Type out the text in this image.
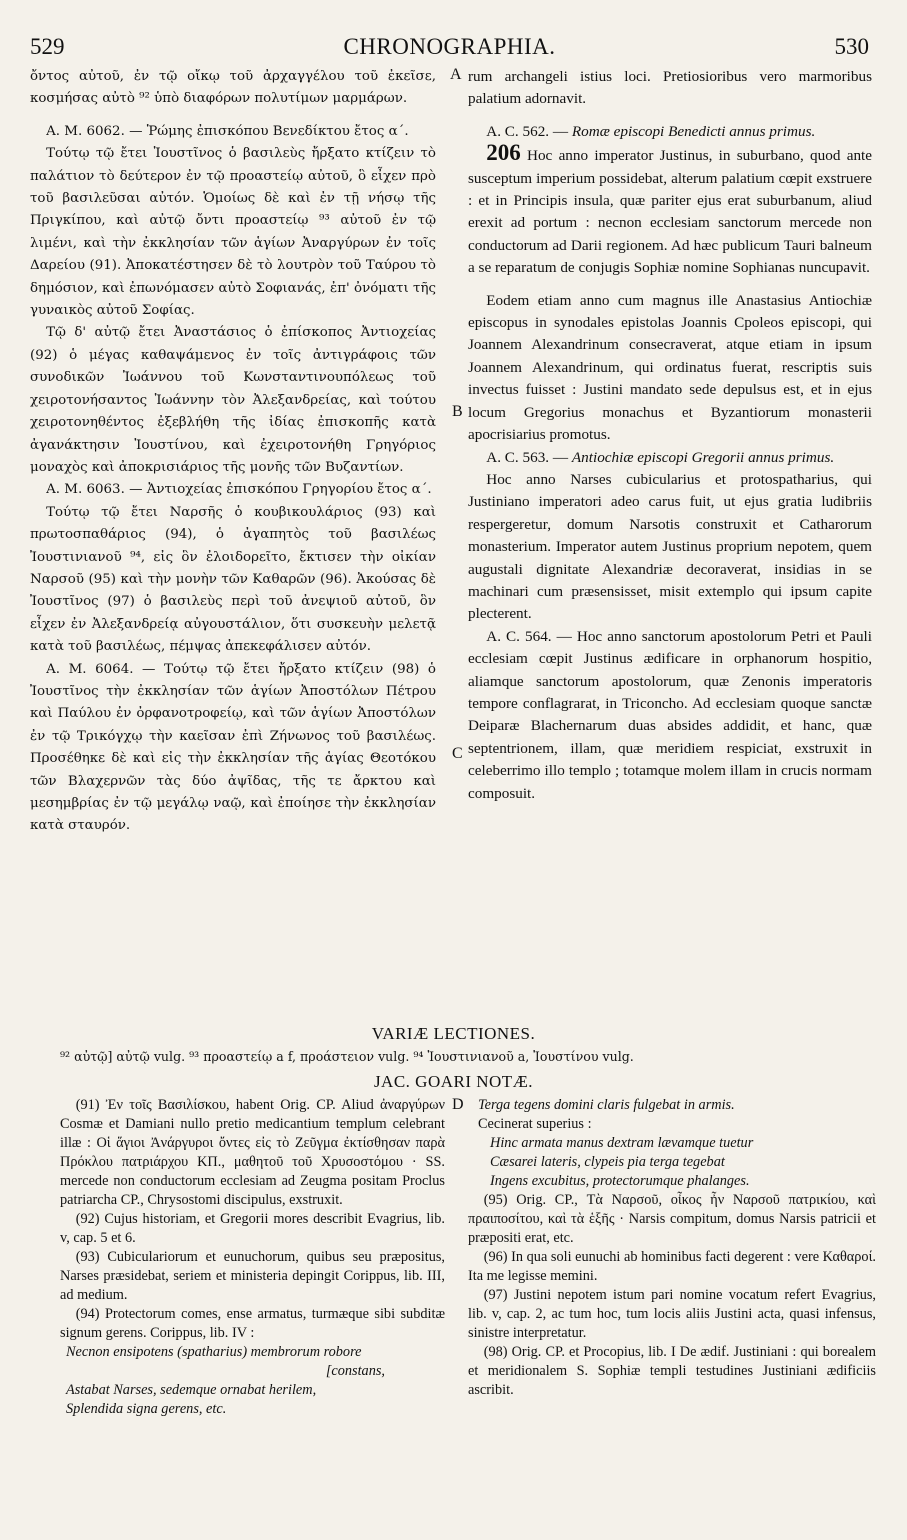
529	CHRONOGRAPHIA.	530
A
B
C
D

ὄντος αὐτοῦ, ἐν τῷ οἴκῳ τοῦ ἀρχαγγέλου τοῦ ἐκεῖσε, κοσμήσας αὐτὸ ⁹² ὑπὸ διαφόρων πολυτίμων μαρμάρων.

Α. Μ. 6062. — Ῥώμης ἐπισκόπου Βενεδίκτου ἔτος α΄.

Τούτῳ τῷ ἔτει Ἰουστῖνος ὁ βασιλεὺς ἤρξατο κτίζειν τὸ παλάτιον τὸ δεύτερον ἐν τῷ προαστείῳ αὐτοῦ, ὃ εἶχεν πρὸ τοῦ βασιλεῦσαι αὐτόν. Ὁμοίως δὲ καὶ ἐν τῇ νήσῳ τῆς Πριγκίπου, καὶ αὐτῷ ὄντι προαστείῳ ⁹³ αὐτοῦ ἐν τῷ λιμένι, καὶ τὴν ἐκκλησίαν τῶν ἁγίων Ἀναργύρων ἐν τοῖς Δαρείου (91). Ἀποκατέστησεν δὲ τὸ λουτρὸν τοῦ Ταύρου τὸ δημόσιον, καὶ ἐπωνόμασεν αὐτὸ Σοφιανάς, ἐπ' ὀνόματι τῆς γυναικὸς αὐτοῦ Σοφίας.

Τῷ δ' αὐτῷ ἔτει Ἀναστάσιος ὁ ἐπίσκοπος Ἀντιοχείας (92) ὁ μέγας καθαψάμενος ἐν τοῖς ἀντιγράφοις τῶν συνοδικῶν Ἰωάννου τοῦ Κωνσταντινουπόλεως τοῦ χειροτονήσαντος Ἰωάννην τὸν Ἀλεξανδρείας, καὶ τούτου χειροτονηθέντος ἐξεβλήθη τῆς ἰδίας ἐπισκοπῆς κατὰ ἀγανάκτησιν Ἰουστίνου, καὶ ἐχειροτονήθη Γρηγόριος μοναχὸς καὶ ἀποκρισιάριος τῆς μονῆς τῶν Βυζαντίων.

Α. Μ. 6063. — Ἀντιοχείας ἐπισκόπου Γρηγορίου ἔτος α΄.

Τούτῳ τῷ ἔτει Ναρσῆς ὁ κουβικουλάριος (93) καὶ πρωτοσπαθάριος (94), ὁ ἀγαπητὸς τοῦ βασιλέως Ἰουστινιανοῦ ⁹⁴, εἰς ὃν ἐλοιδορεῖτο, ἔκτισεν τὴν οἰκίαν Ναρσοῦ (95) καὶ τὴν μονὴν τῶν Καθαρῶν (96). Ἀκούσας δὲ Ἰουστῖνος (97) ὁ βασιλεὺς περὶ τοῦ ἀνεψιοῦ αὐτοῦ, ὃν εἶχεν ἐν Ἀλεξανδρείᾳ αὐγουστάλιον, ὅτι συσκευὴν μελετᾷ κατὰ τοῦ βασιλέως, πέμψας ἀπεκεφάλισεν αὐτόν.

Α. Μ. 6064. — Τούτῳ τῷ ἔτει ἤρξατο κτίζειν (98) ὁ Ἰουστῖνος τὴν ἐκκλησίαν τῶν ἁγίων Ἀποστόλων Πέτρου καὶ Παύλου ἐν ὀρφανοτροφείῳ, καὶ τῶν ἁγίων Ἀποστόλων ἐν τῷ Τρικόγχῳ τὴν καεῖσαν ἐπὶ Ζήνωνος τοῦ βασιλέως. Προσέθηκε δὲ καὶ εἰς τὴν ἐκκλησίαν τῆς ἁγίας Θεοτόκου τῶν Βλαχερνῶν τὰς δύο ἀψῖδας, τῆς τε ἄρκτου καὶ μεσημβρίας ἐν τῷ μεγάλῳ ναῷ, καὶ ἐποίησε τὴν ἐκκλησίαν κατὰ σταυρόν.

rum archangeli istius loci. Pretiosioribus vero marmoribus palatium adornavit.

A. C. 562. — Romæ episcopi Benedicti annus primus.

206 Hoc anno imperator Justinus, in suburbano, quod ante susceptum imperium possidebat, alterum palatium cœpit exstruere : et in Principis insula, quæ pariter ejus erat suburbanum, aliud erexit ad portum : necnon ecclesiam sanctorum mercede non conductorum ad Darii regionem. Ad hæc publicum Tauri balneum a se reparatum de conjugis Sophiæ nomine Sophianas nuncupavit.

Eodem etiam anno cum magnus ille Anastasius Antiochiæ episcopus in synodales epistolas Joannis Cpoleos episcopi, qui Joannem Alexandrinum consecraverat, atque etiam in ipsum Joannem Alexandrinum, qui ordinatus fuerat, rescriptis suis invectus fuisset : Justini mandato sede depulsus est, et in ejus locum Gregorius monachus et Byzantiorum monasterii apocrisiarius promotus.

A. C. 563. — Antiochiæ episcopi Gregorii annus primus.

Hoc anno Narses cubicularius et protospatharius, qui Justiniano imperatori adeo carus fuit, ut ejus gratia ludibriis respergeretur, domum Narsotis construxit et Catharorum monasterium. Imperator autem Justinus proprium nepotem, quem augustali dignitate Alexandriæ decoraverat, insidias in se machinari cum præsensisset, misit extemplo qui ipsum capite plecterent.

A. C. 564. — Hoc anno sanctorum apostolorum Petri et Pauli ecclesiam cœpit Justinus ædificare in orphanorum hospitio, aliamque sanctorum apostolorum, quæ Zenonis imperatoris tempore conflagrarat, in Triconcho. Ad ecclesiam quoque sanctæ Deiparæ Blachernarum duas absides addidit, et hanc, quæ septentrionem, illam, quæ meridiem respiciat, exstruxit in celeberrimo illo templo ; totamque molem illam in crucis normam composuit.

VARIÆ LECTIONES.
⁹² αὐτῷ] αὐτῷ vulg. ⁹³ προαστείῳ a f, προάστειον vulg. ⁹⁴ Ἰουστινιανοῦ a, Ἰουστίνου vulg.
JAC. GOARI NOTÆ.

(91) Ἐν τοῖς Βασιλίσκου, habent Orig. CP. Aliud ἀναργύρων Cosmæ et Damiani nullo pretio medicantium templum celebrant illæ : Οἱ ἅγιοι Ἀνάργυροι ὄντες εἰς τὸ Ζεῦγμα ἐκτίσθησαν παρὰ Πρόκλου πατριάρχου ΚΠ., μαθητοῦ τοῦ Χρυσοστόμου · SS. mercede non conductorum ecclesiam ad Zeugma positam Proclus patriarcha CP., Chrysostomi discipulus, exstruxit.

(92) Cujus historiam, et Gregorii mores describit Evagrius, lib. v, cap. 5 et 6.

(93) Cubiculariorum et eunuchorum, quibus seu præpositus, Narses præsidebat, seriem et ministeria depingit Corippus, lib. III, ad medium.

(94) Protectorum comes, ense armatus, turmæque sibi subditæ signum gerens. Corippus, lib. IV :

Necnon ensipotens (spatharius) membrorum robore

[constans,

Astabat Narses, sedemque ornabat herilem,

Splendida signa gerens, etc.

Terga tegens domini claris fulgebat in armis.

Cecinerat superius :

Hinc armata manus dextram lævamque tuetur

Cæsarei lateris, clypeis pia terga tegebat

Ingens excubitus, protectorumque phalanges.

(95) Orig. CP., Τὰ Ναρσοῦ, οἶκος ἦν Ναρσοῦ πατρικίου, καὶ πραιποσίτου, καὶ τὰ ἑξῆς · Narsis compitum, domus Narsis patricii et præpositi erat, etc.

(96) In qua soli eunuchi ab hominibus facti degerent : vere Καθαροί. Ita me legisse memini.

(97) Justini nepotem istum pari nomine vocatum refert Evagrius, lib. v, cap. 2, ac tum hoc, tum locis aliis Justini acta, quasi infensus, sinistre interpretatur.

(98) Orig. CP. et Procopius, lib. I De ædif. Justiniani : qui borealem et meridionalem S. Sophiæ templi testudines Justiniani ædificiis ascribit.
